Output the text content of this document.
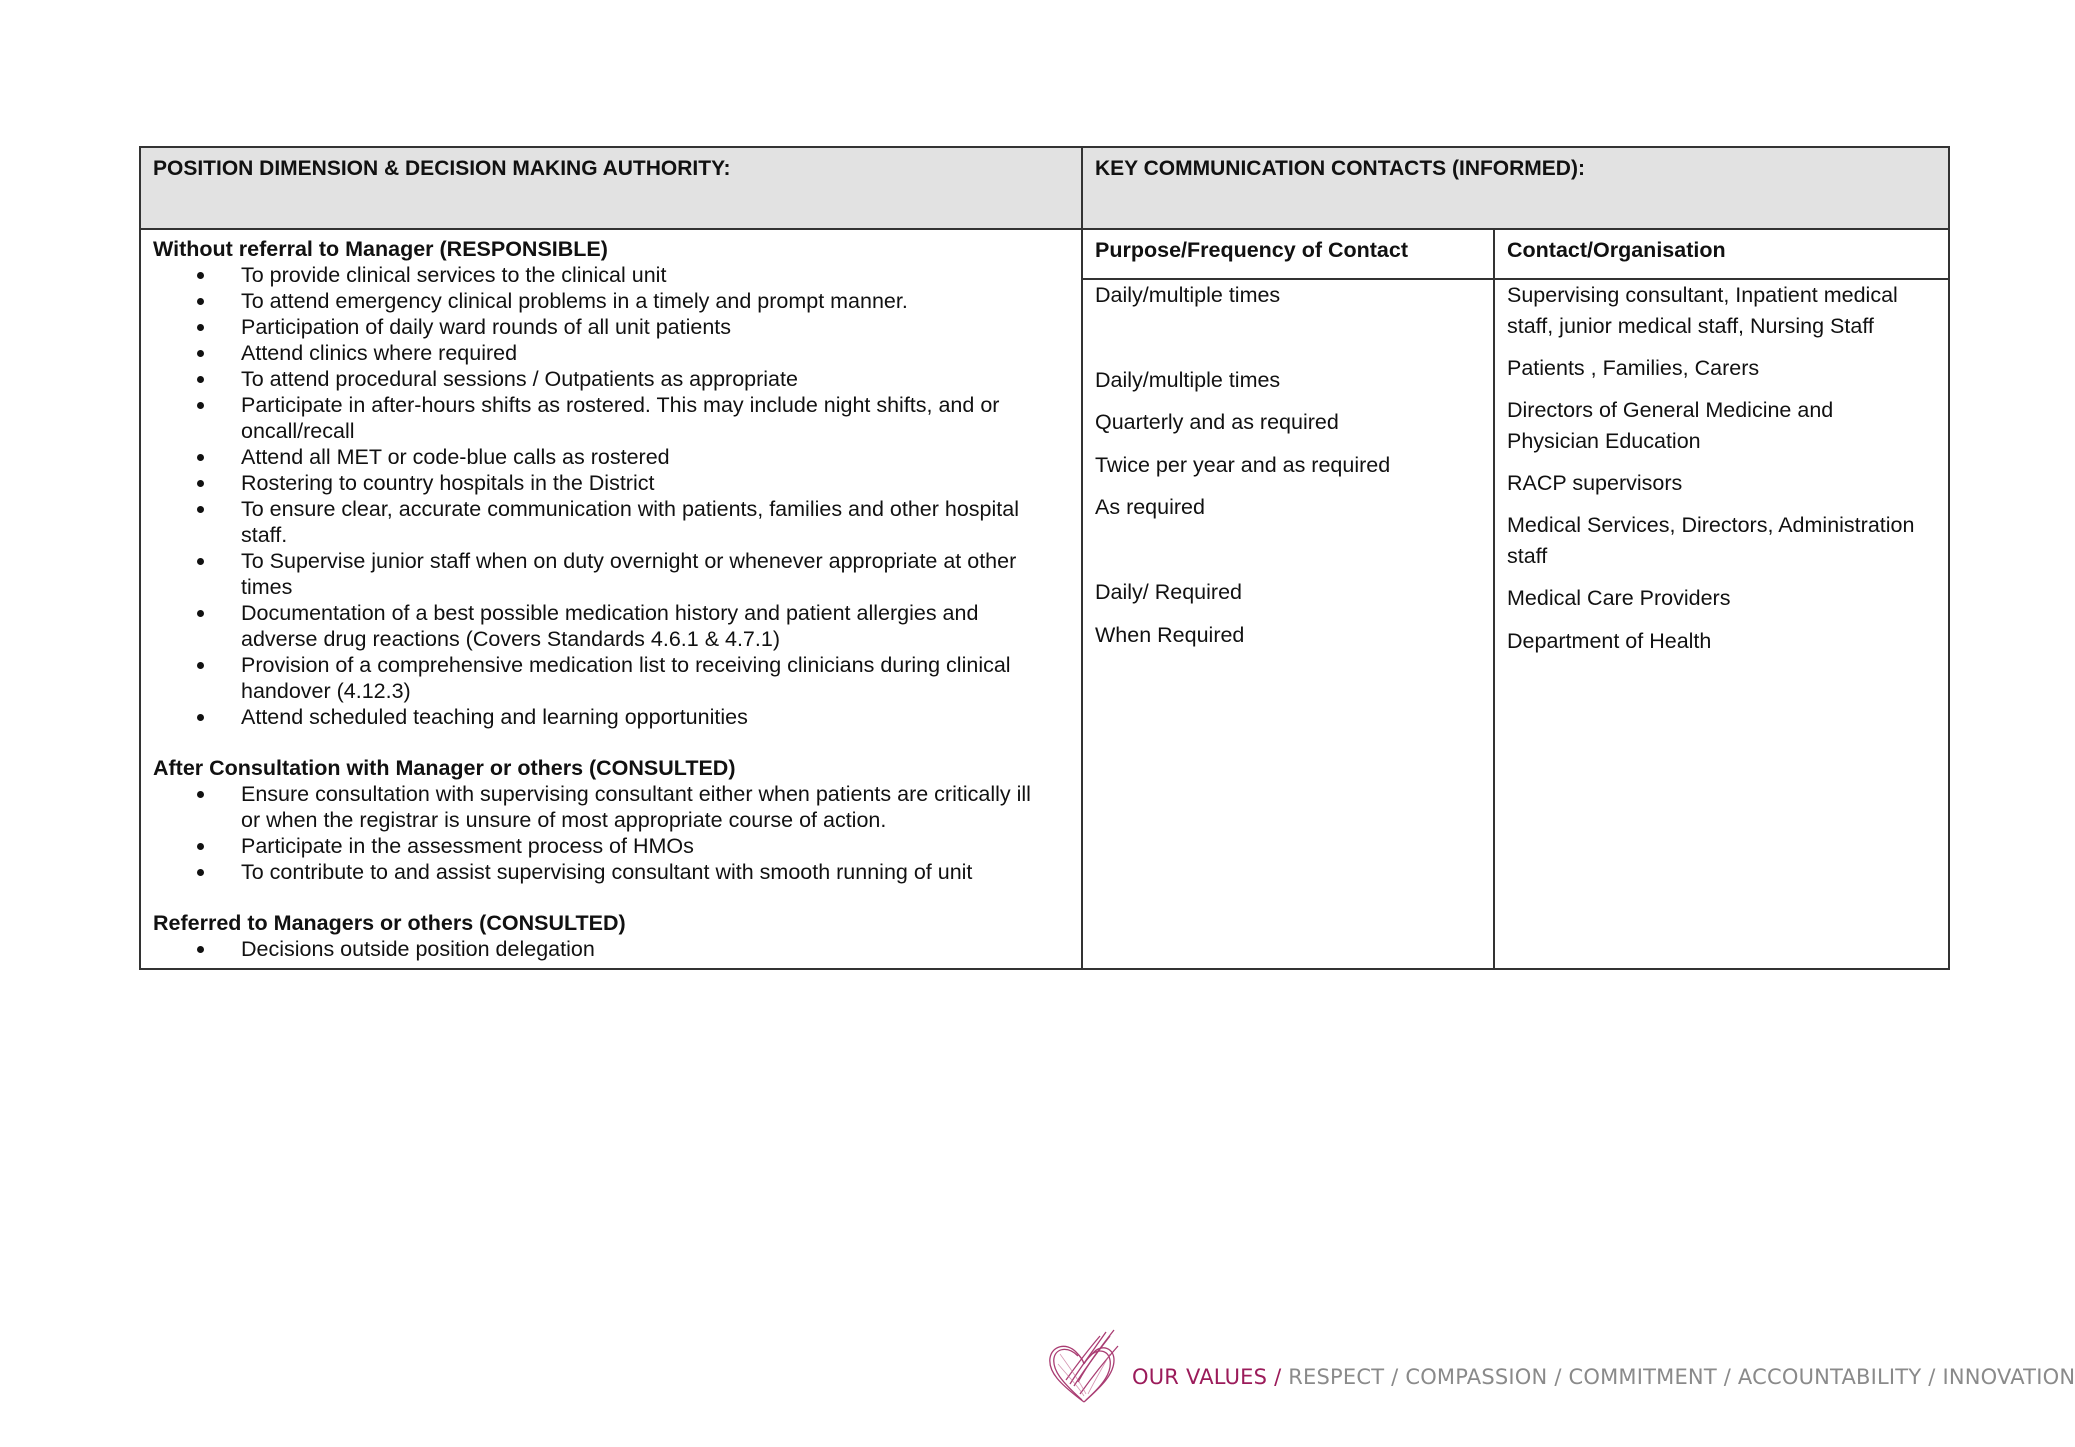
POSITION DIMENSION & DECISION MAKING AUTHORITY:	KEY COMMUNICATION CONTACTS (INFORMED):

Without referral to Manager (RESPONSIBLE)

To provide clinical services to the clinical unit
To attend emergency clinical problems in a timely and prompt manner.
Participation of daily ward rounds of all unit patients
Attend clinics where required
To attend procedural sessions / Outpatients as appropriate
Participate in after-hours shifts as rostered. This may include night shifts, and or
oncall/recall
Attend all MET or code-blue calls as rostered
Rostering to country hospitals in the District
To ensure clear, accurate communication with patients, families and other hospital
staff.
To Supervise junior staff when on duty overnight or whenever appropriate at other
times
Documentation of a best possible medication history and patient allergies and
adverse drug reactions (Covers Standards 4.6.1 & 4.7.1)
Provision of a comprehensive medication list to receiving clinicians during clinical
handover (4.12.3)
Attend scheduled teaching and learning opportunities

After Consultation with Manager or others (CONSULTED)

Ensure consultation with supervising consultant either when patients are critically ill
or when the registrar is unsure of most appropriate course of action.
Participate in the assessment process of HMOs
To contribute to and assist supervising consultant with smooth running of unit

Referred to Managers or others (CONSULTED)

Decisions outside position delegation
Purpose/Frequency of Contact	Contact/Organisation
Daily/multiple times
Daily/multiple times
Quarterly and as required
Twice per year and as required
As required
Daily/ Required
When Required
Supervising consultant, Inpatient medical
staff, junior medical staff, Nursing Staff
Patients , Families, Carers
Directors of General Medicine and
Physician Education
RACP supervisors
Medical Services, Directors, Administration
staff
Medical Care Providers
Department of Health
OUR VALUES / RESPECT / COMPASSION / COMMITMENT / ACCOUNTABILITY / INNOVATION
